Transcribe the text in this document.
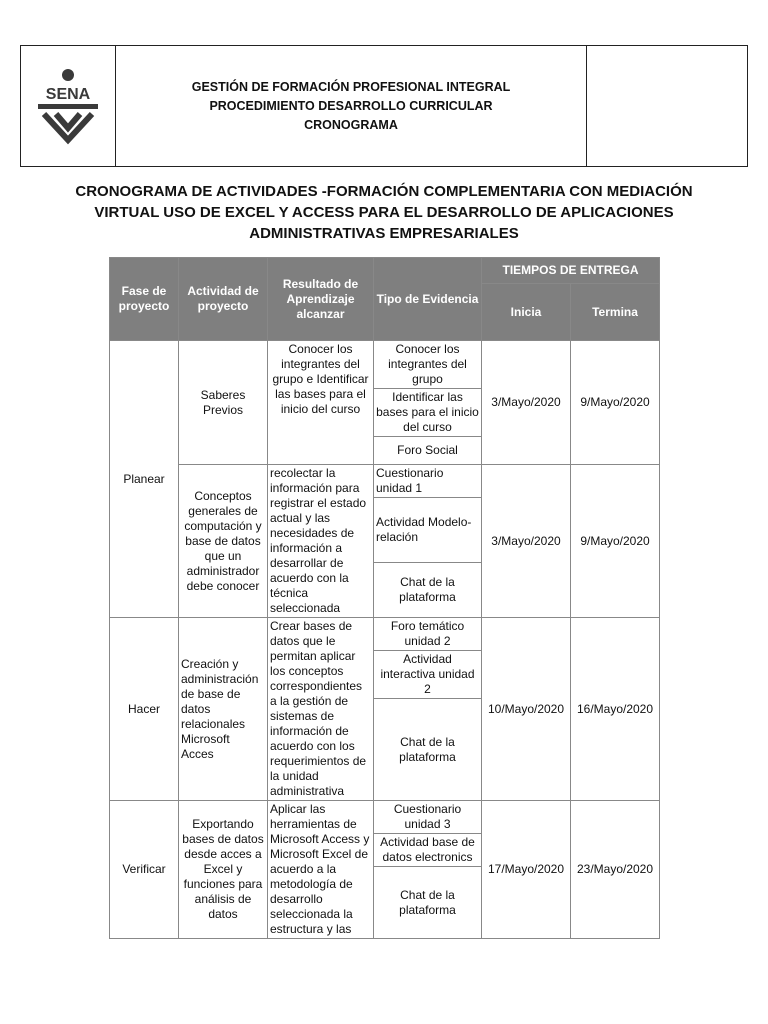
SENA	GESTIÓN DE FORMACIÓN PROFESIONAL INTEGRAL
PROCEDIMIENTO DESARROLLO CURRICULAR
CRONOGRAMA
CRONOGRAMA DE ACTIVIDADES -FORMACIÓN COMPLEMENTARIA CON MEDIACIÓN VIRTUAL USO DE EXCEL Y ACCESS PARA EL DESARROLLO DE APLICACIONES ADMINISTRATIVAS EMPRESARIALES
Fase de proyecto	Actividad de proyecto	Resultado de Aprendizaje alcanzar	Tipo de Evidencia	TIEMPOS DE ENTREGA	
				Inicia	Termina
Planear	Saberes Previos	Conocer los integrantes del grupo e Identificar las bases para el inicio del curso	Conocer los integrantes del grupo	3/Mayo/2020	9/Mayo/2020
			Identificar las bases para el inicio del curso		
			Foro Social		
	Conceptos generales de computación y base de datos que un administrador debe conocer	recolectar la información para registrar el estado actual y las necesidades de información a desarrollar de acuerdo con la técnica seleccionada	Cuestionario unidad 1	3/Mayo/2020	9/Mayo/2020
			Actividad Modelo-relación		
			Chat de la plataforma		
Hacer	Creación y administración de base de datos relacionales Microsoft Acces	Crear bases de datos que le permitan aplicar los conceptos correspondientes a la gestión de sistemas de información de acuerdo con los requerimientos de la unidad administrativa	Foro temático unidad 2	10/Mayo/2020	16/Mayo/2020
			Actividad interactiva unidad 2		
			Chat de la plataforma		
Verificar	Exportando bases de datos desde acces a Excel y funciones para análisis de datos	Aplicar las herramientas de Microsoft Access y Microsoft Excel de acuerdo a la metodología de desarrollo seleccionada la estructura y las	Cuestionario unidad 3	17/Mayo/2020	23/Mayo/2020
			Actividad base de datos electronics		
			Chat de la plataforma		
